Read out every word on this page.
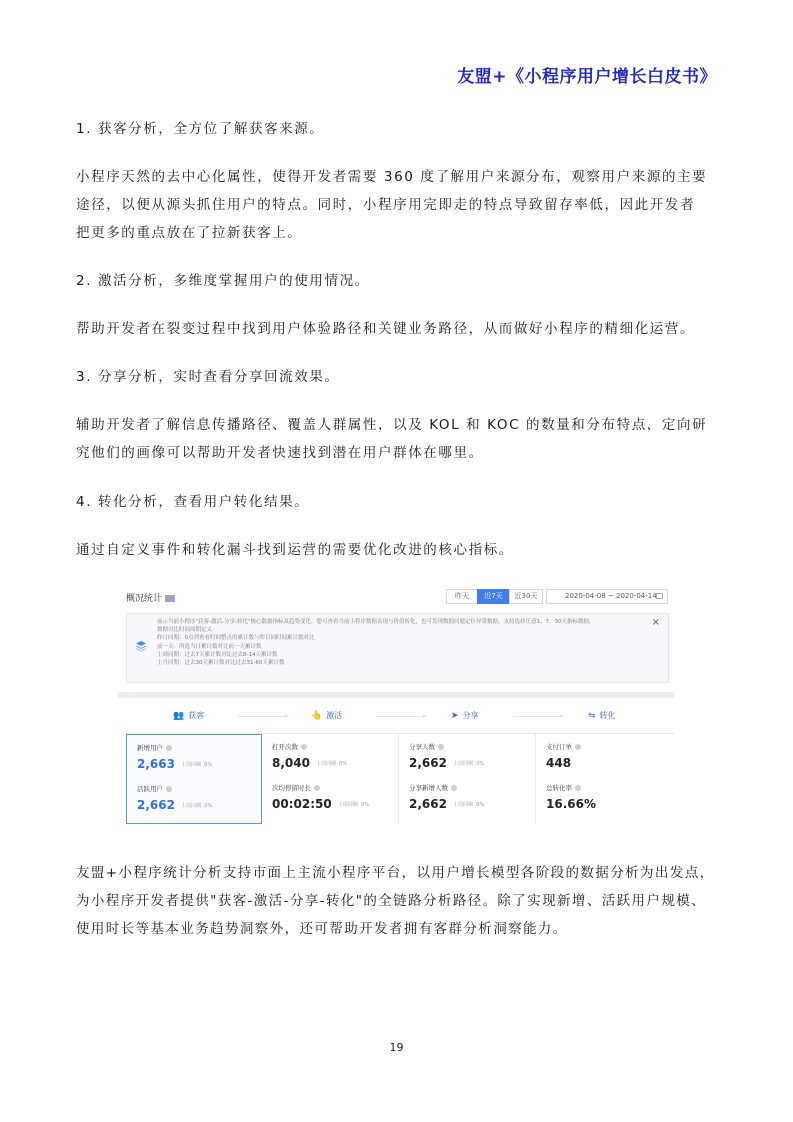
友盟+《小程序用户增长白皮书》
1. 获客分析，全方位了解获客来源。
小程序天然的去中心化属性，使得开发者需要 360 度了解用户来源分布，观察用户来源的主要
途径，以便从源头抓住用户的特点。同时，小程序用完即走的特点导致留存率低，因此开发者
把更多的重点放在了拉新获客上。
2. 激活分析，多维度掌握用户的使用情况。
帮助开发者在裂变过程中找到用户体验路径和关键业务路径，从而做好小程序的精细化运营。
3. 分享分析，实时查看分享回流效果。
辅助开发者了解信息传播路径、覆盖人群属性，以及 KOL 和 KOC 的数量和分布特点，定向研
究他们的画像可以帮助开发者快速找到潜在用户群体在哪里。
4. 转化分析，查看用户转化结果。
通过自定义事件和转化漏斗找到运营的需要优化改进的核心指标。
概况统计	昨天	近7天	近30天	2020-04-08 ~ 2020-04-14
展示当前小程序"获客-激活-分享-转化"核心数据指标及趋势变化，您可查看当前小程序数据表现与价值转化，也可发现数据问题定位异常数据，支持选择任意1、7、30天指标数据，
数据对比时间周期定义：
昨日同期：0点到查看时间整点的累计数与昨日同时间累计数对比
前一天：所选当日累计数对比前一天累计数
上周同期：过去7天累计数对比过去8-14天累计数
上月同期：过去30天累计数对比过去31-60天累计数
×
👥 获客	👆 激活	➤ 分享	⇋ 转化
新增用户
2,663 上周同期 0%
活跃用户
2,662 上周同期 0%
打开次数
8,040 上周同期 0%
次均停留时长
00:02:50 上周同期 0%
分享人数
2,662 上周同期 0%
分享新增人数
2,662 上周同期 0%
支付订单
448
总转化率
16.66%
友盟+小程序统计分析支持市面上主流小程序平台，以用户增长模型各阶段的数据分析为出发点，
为小程序开发者提供"获客-激活-分享-转化"的全链路分析路径。除了实现新增、活跃用户规模、
使用时长等基本业务趋势洞察外，还可帮助开发者拥有客群分析洞察能力。
19
